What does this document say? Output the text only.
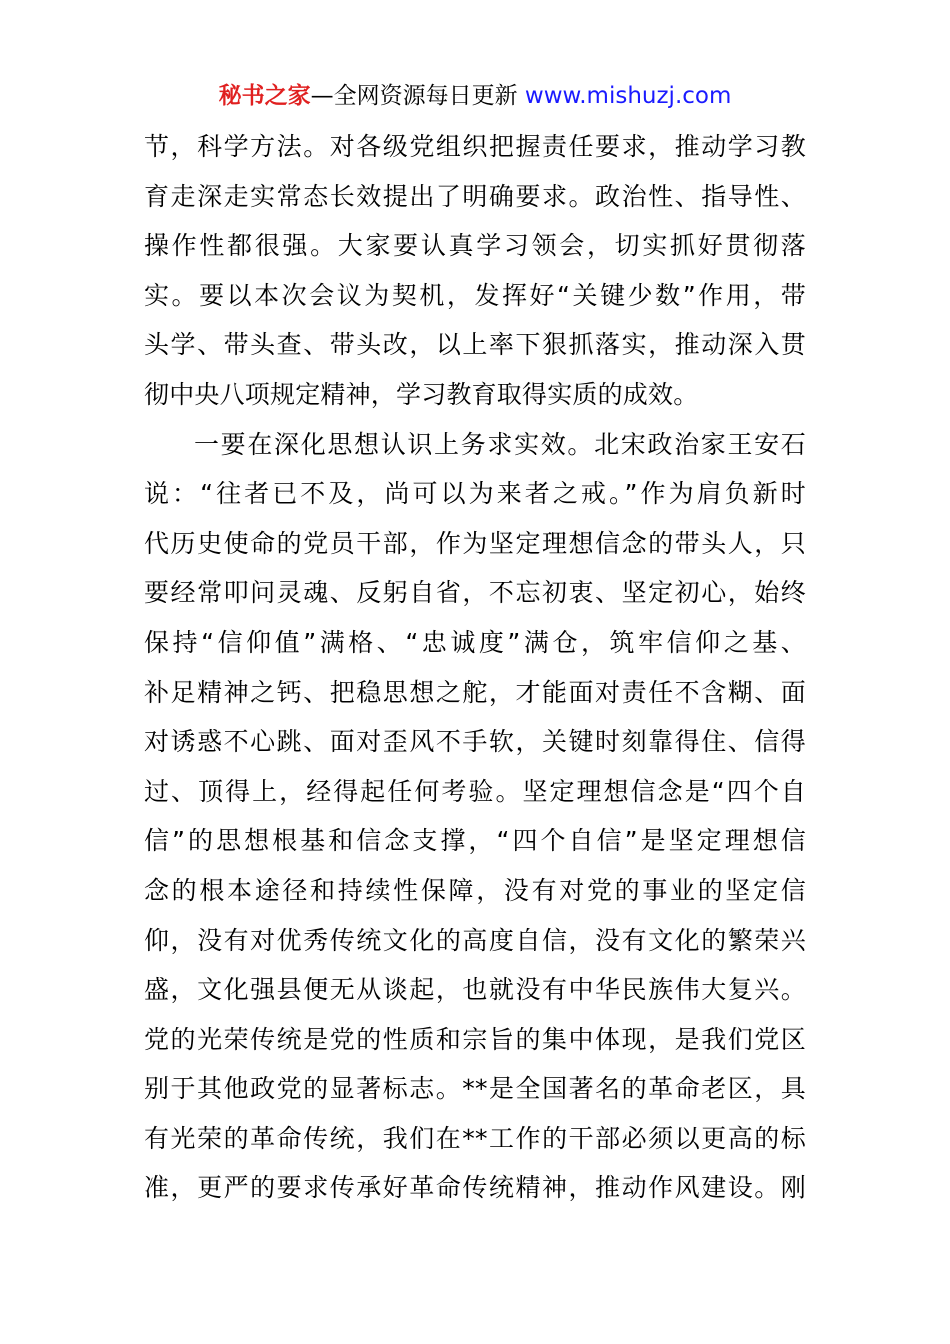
秘书之家—全网资源每日更新 www.mishuzj.com
节，科学方法。对各级党组织把握责任要求，推动学习教
育走深走实常态长效提出了明确要求。政治性、指导性、
操作性都很强。大家要认真学习领会，切实抓好贯彻落
实。要以本次会议为契机，发挥好“关键少数”作用，带
头学、带头查、带头改，以上率下狠抓落实，推动深入贯
彻中央八项规定精神，学习教育取得实质的成效。
一要在深化思想认识上务求实效。北宋政治家王安石
说：“往者已不及，尚可以为来者之戒。”作为肩负新时
代历史使命的党员干部，作为坚定理想信念的带头人，只
要经常叩问灵魂、反躬自省，不忘初衷、坚定初心，始终
保持“信仰值”满格、“忠诚度”满仓，筑牢信仰之基、
补足精神之钙、把稳思想之舵，才能面对责任不含糊、面
对诱惑不心跳、面对歪风不手软，关键时刻靠得住、信得
过、顶得上，经得起任何考验。坚定理想信念是“四个自
信”的思想根基和信念支撑，“四个自信”是坚定理想信
念的根本途径和持续性保障，没有对党的事业的坚定信
仰，没有对优秀传统文化的高度自信，没有文化的繁荣兴
盛，文化强县便无从谈起，也就没有中华民族伟大复兴。
党的光荣传统是党的性质和宗旨的集中体现，是我们党区
别于其他政党的显著标志。**是全国著名的革命老区，具
有光荣的革命传统，我们在**工作的干部必须以更高的标
准，更严的要求传承好革命传统精神，推动作风建设。刚
